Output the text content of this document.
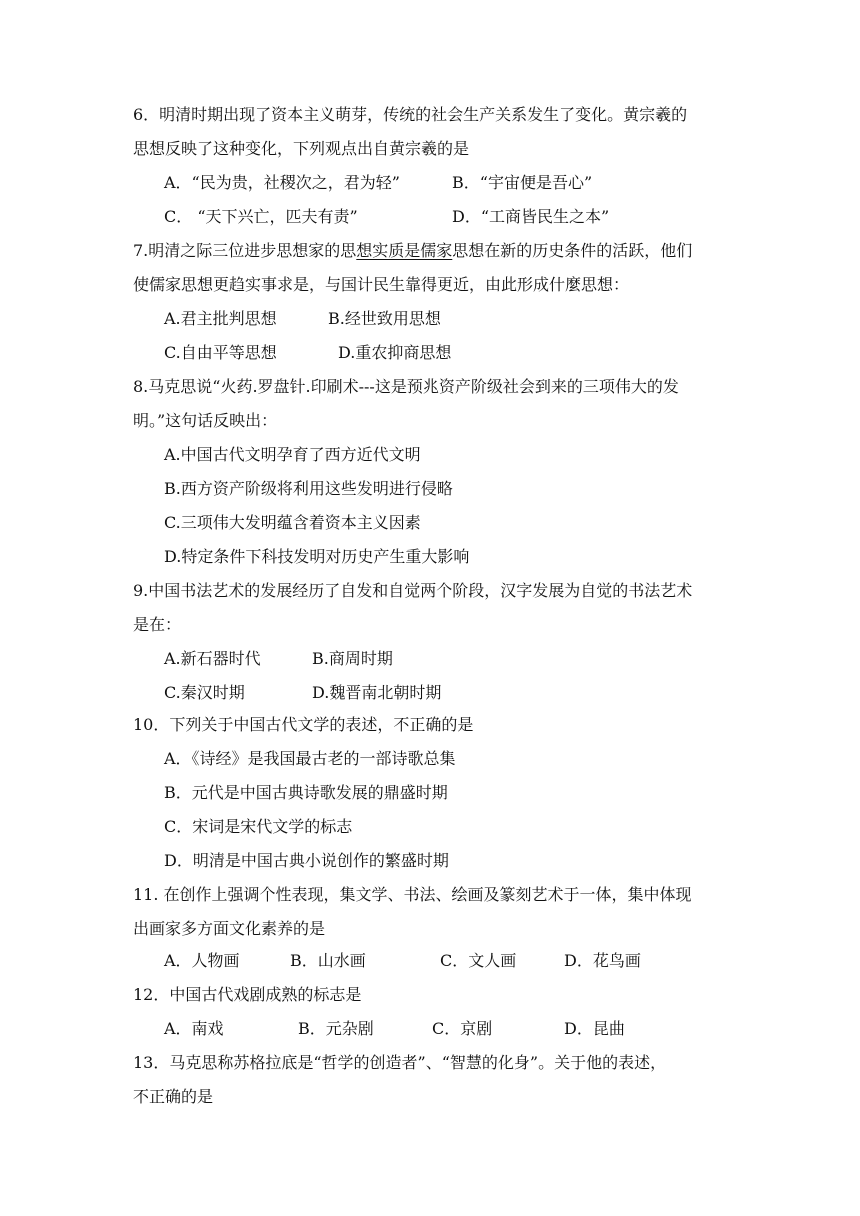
6．明清时期出现了资本主义萌芽，传统的社会生产关系发生了变化。黄宗羲的
思想反映了这种变化，下列观点出自黄宗羲的是
A．“民为贵，社稷次之，君为轻”	B．“宇宙便是吾心”
C． “天下兴亡，匹夫有责”	D．“工商皆民生之本”
7.明清之际三位进步思想家的思想实质是儒家思想在新的历史条件的活跃，他们
使儒家思想更趋实事求是，与国计民生靠得更近，由此形成什麼思想：
A.君主批判思想	B.经世致用思想
C.自由平等思想	D.重农抑商思想
8.马克思说“火药.罗盘针.印刷术---这是预兆资产阶级社会到来的三项伟大的发
明。”这句话反映出：
A.中国古代文明孕育了西方近代文明
B.西方资产阶级将利用这些发明进行侵略
C.三项伟大发明蕴含着资本主义因素
D.特定条件下科技发明对历史产生重大影响
9.中国书法艺术的发展经历了自发和自觉两个阶段，汉字发展为自觉的书法艺术
是在：
A.新石器时代	B.商周时期
C.秦汉时期	D.魏晋南北朝时期
10．下列关于中国古代文学的表述，不正确的是
A．《诗经》是我国最古老的一部诗歌总集
B．元代是中国古典诗歌发展的鼎盛时期
C．宋词是宋代文学的标志
D．明清是中国古典小说创作的繁盛时期
11. 在创作上强调个性表现，集文学、书法、绘画及篆刻艺术于一体，集中体现
出画家多方面文化素养的是
A．人物画	B．山水画	C．文人画	D．花鸟画
12．中国古代戏剧成熟的标志是
A．南戏	B．元杂剧	C．京剧	D．昆曲
13．马克思称苏格拉底是“哲学的创造者”、“智慧的化身”。关于他的表述，
不正确的是
